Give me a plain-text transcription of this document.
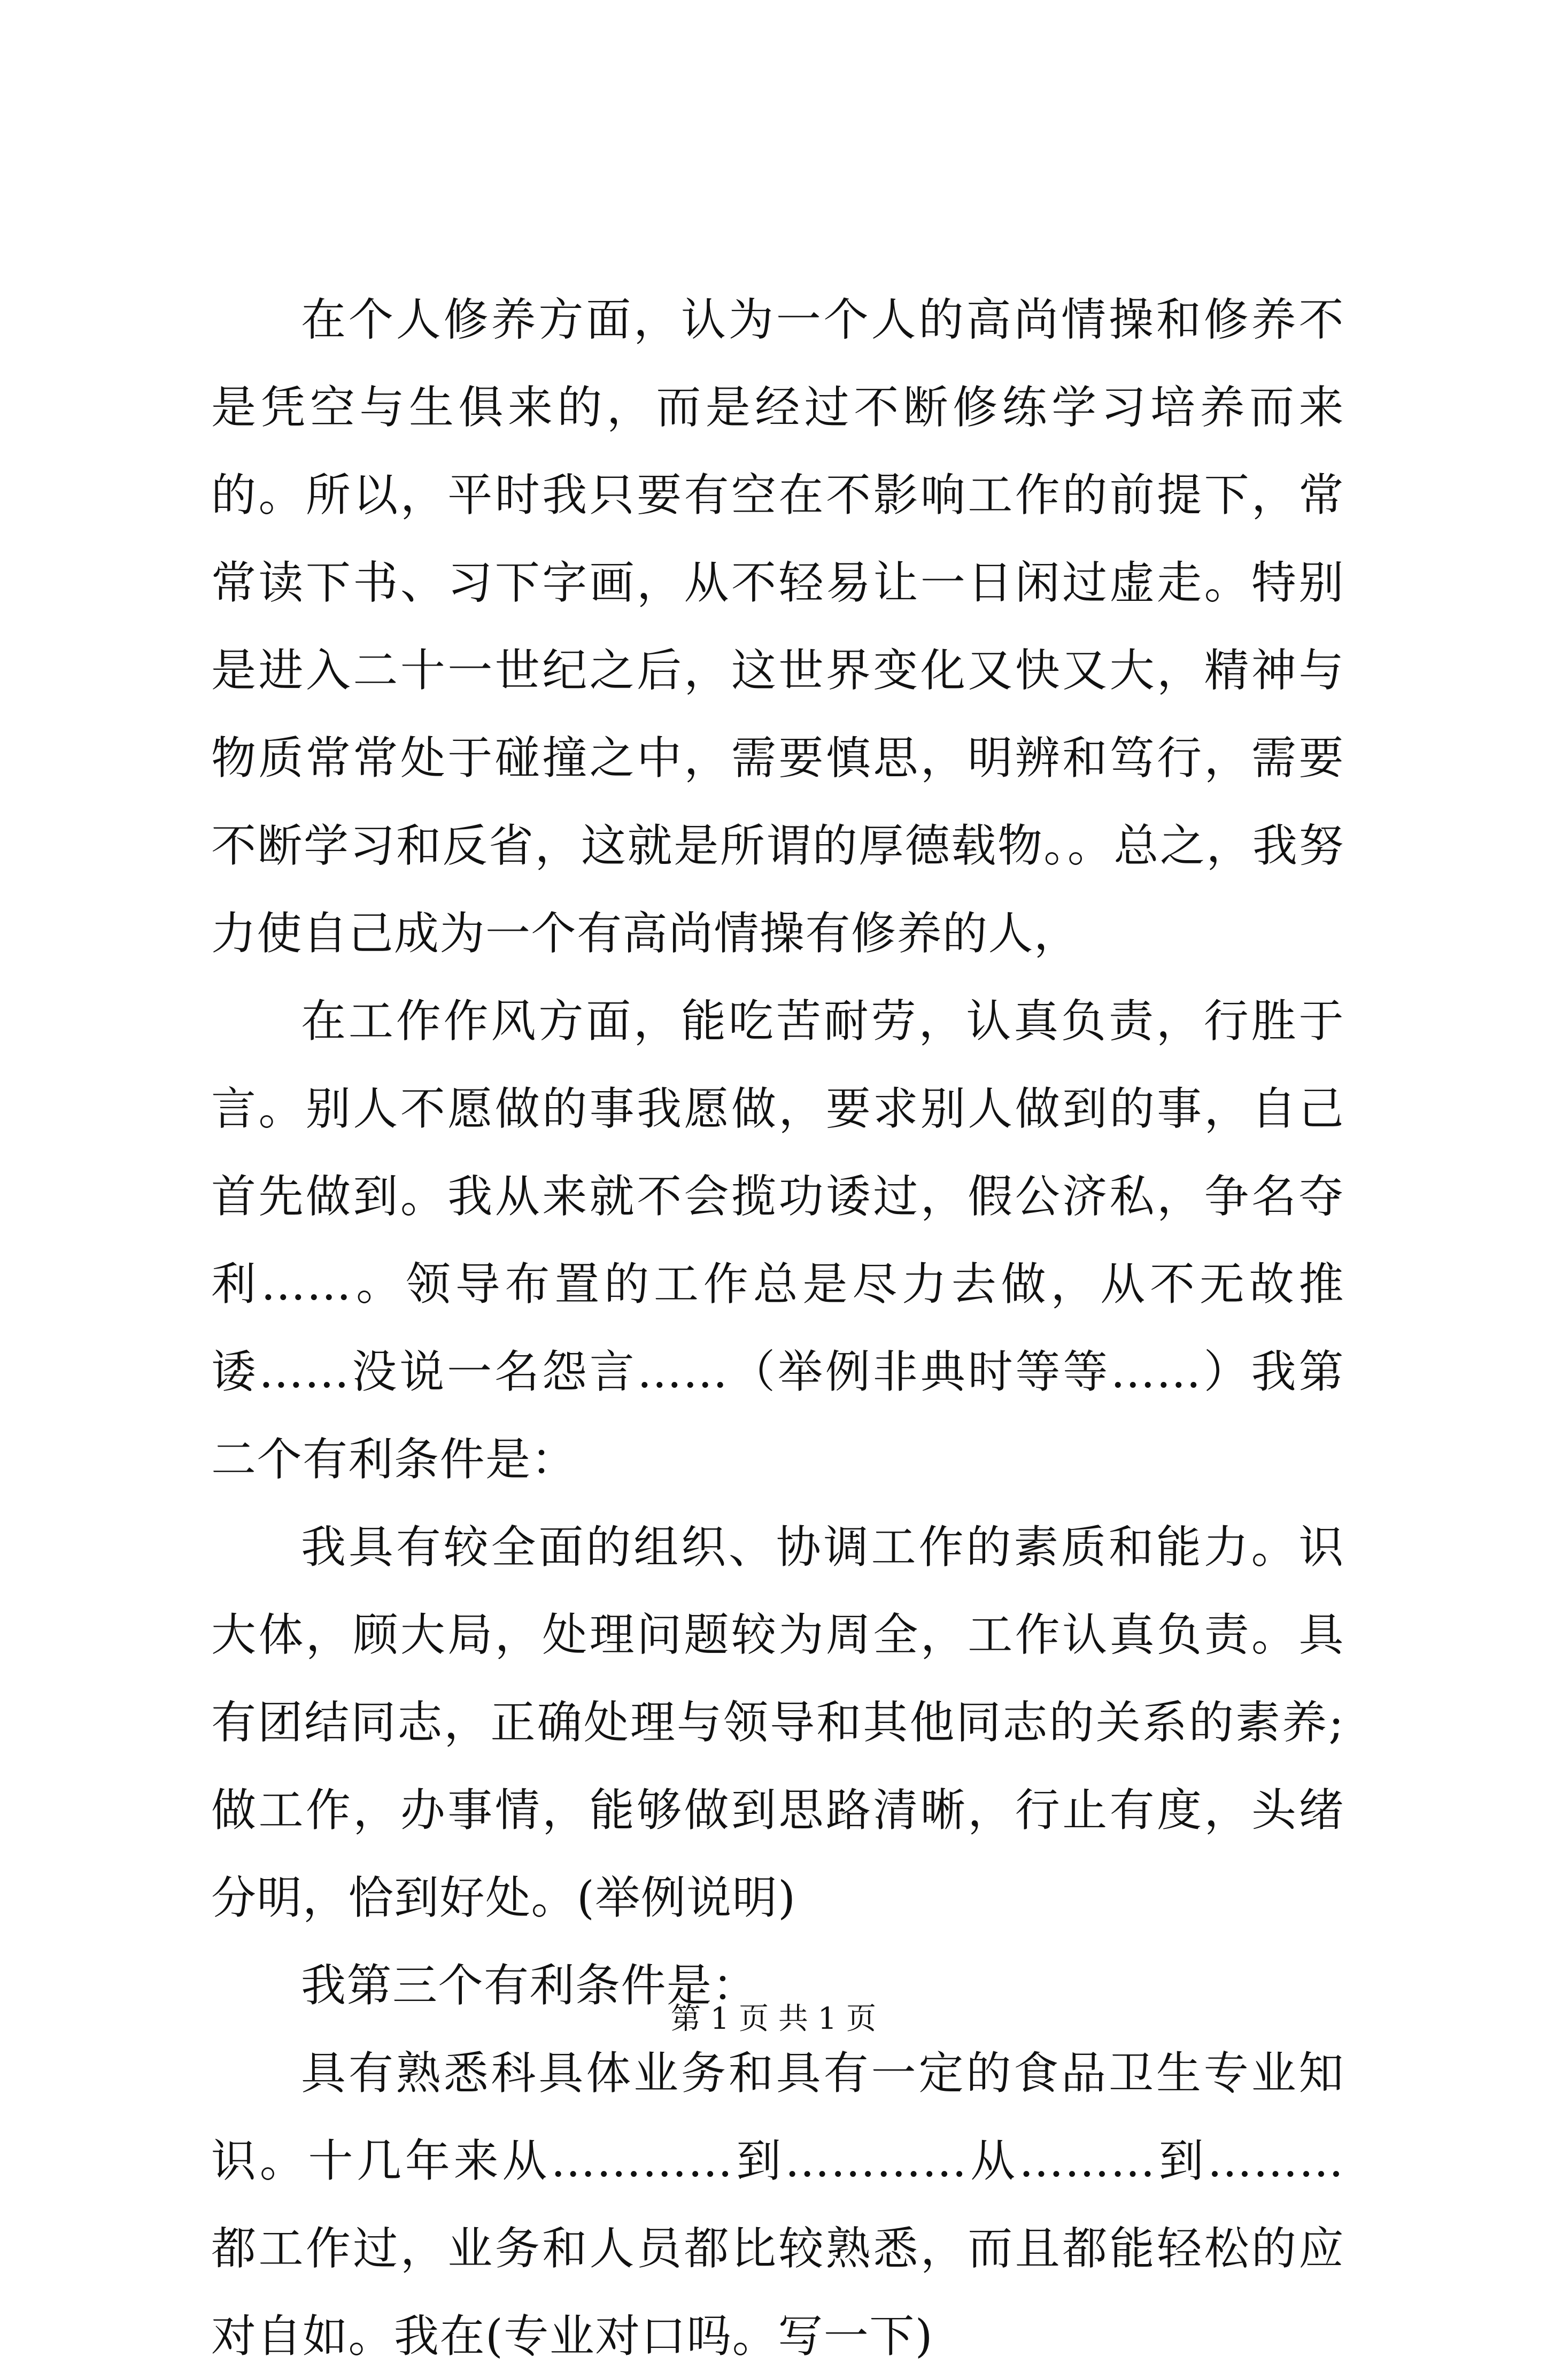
在个人修养方面，认为一个人的高尚情操和修养不是凭空与生俱来的，而是经过不断修练学习培养而来的。所以，平时我只要有空在不影响工作的前提下，常常读下书、习下字画，从不轻易让一日闲过虚走。特别是进入二十一世纪之后，这世界变化又快又大，精神与物质常常处于碰撞之中，需要慎思，明辨和笃行，需要不断学习和反省，这就是所谓的厚德载物。。总之，我努力使自己成为一个有高尚情操有修养的人，

在工作作风方面，能吃苦耐劳，认真负责，行胜于言。别人不愿做的事我愿做，要求别人做到的事，自己首先做到。我从来就不会揽功诿过，假公济私，争名夺利……。领导布置的工作总是尽力去做，从不无故推诿……没说一名怨言……（举例非典时等等……）我第二个有利条件是：

我具有较全面的组织、协调工作的素质和能力。识大体，顾大局，处理问题较为周全，工作认真负责。具有团结同志，正确处理与领导和其他同志的关系的素养;做工作，办事情，能够做到思路清晰，行止有度，头绪分明，恰到好处。(举例说明)

我第三个有利条件是：

具有熟悉科具体业务和具有一定的食品卫生专业知识。十几年来从…………到…………从………到………都工作过，业务和人员都比较熟悉，而且都能轻松的应对自如。我在(专业对口吗。写一下)

第 1 页 共 1 页
